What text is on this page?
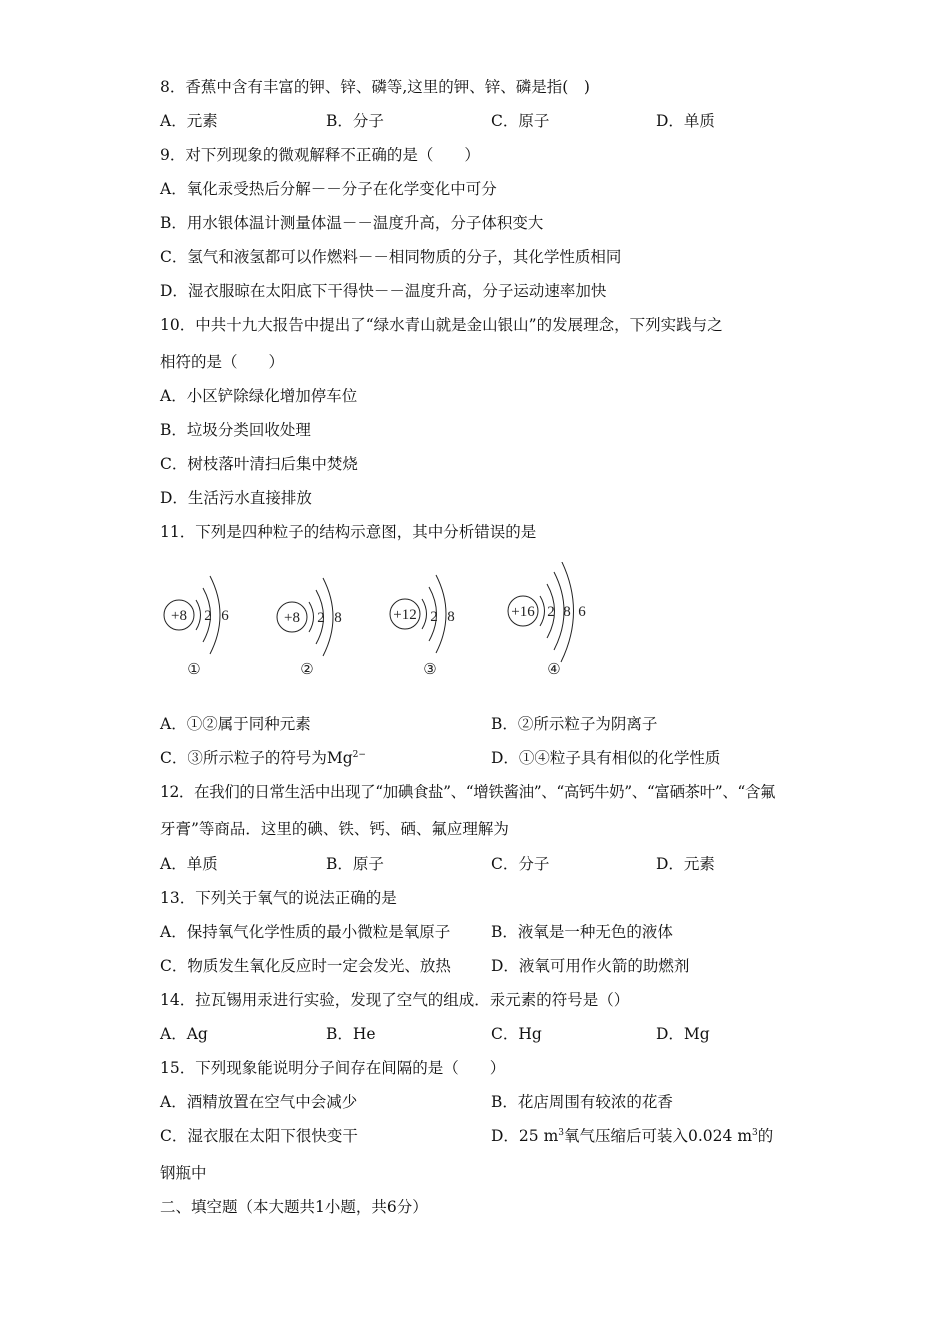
8．香蕉中含有丰富的钾、锌、磷等,这里的钾、锌、磷是指(　)
A．元素	B．分子	C．原子	D．单质
9．对下列现象的微观解释不正确的是（　　）
A．氧化汞受热后分解－－分子在化学变化中可分
B．用水银体温计测量体温－－温度升高，分子体积变大
C．氢气和液氢都可以作燃料－－相同物质的分子，其化学性质相同
D．湿衣服晾在太阳底下干得快－－温度升高，分子运动速率加快
10．中共十九大报告中提出了“绿水青山就是金山银山”的发展理念，下列实践与之
相符的是（　　）
A．小区铲除绿化增加停车位
B．垃圾分类回收处理
C．树枝落叶清扫后集中焚烧
D．生活污水直接排放
11．下列是四种粒子的结构示意图，其中分析错误的是
+8 2 6
①
+8 2 8
②
+12 2 8
③
+16 2 8 6
④
A．①②属于同种元素	B．②所示粒子为阴离子
C．③所示粒子的符号为$Mg^{2-}$	D．①④粒子具有相似的化学性质
12．在我们的日常生活中出现了“加碘食盐”、“增铁酱油”、“高钙牛奶”、“富硒茶叶”、“含氟
牙膏”等商品．这里的碘、铁、钙、硒、氟应理解为
A．单质	B．原子	C．分子	D．元素
13．下列关于氧气的说法正确的是
A．保持氧气化学性质的最小微粒是氧原子	B．液氧是一种无色的液体
C．物质发生氧化反应时一定会发光、放热	D．液氧可用作火箭的助燃剂
14．拉瓦锡用汞进行实验，发现了空气的组成．汞元素的符号是（）
A．Ag	B．He	C．Hg	D．Mg
15．下列现象能说明分子间存在间隔的是（　　）
A．酒精放置在空气中会减少	B．花店周围有较浓的花香
C．湿衣服在太阳下很快变干	D．25 $m^3$氧气压缩后可装入0.024 $m^3$的
钢瓶中
二、填空题（本大题共1小题，共6分）
